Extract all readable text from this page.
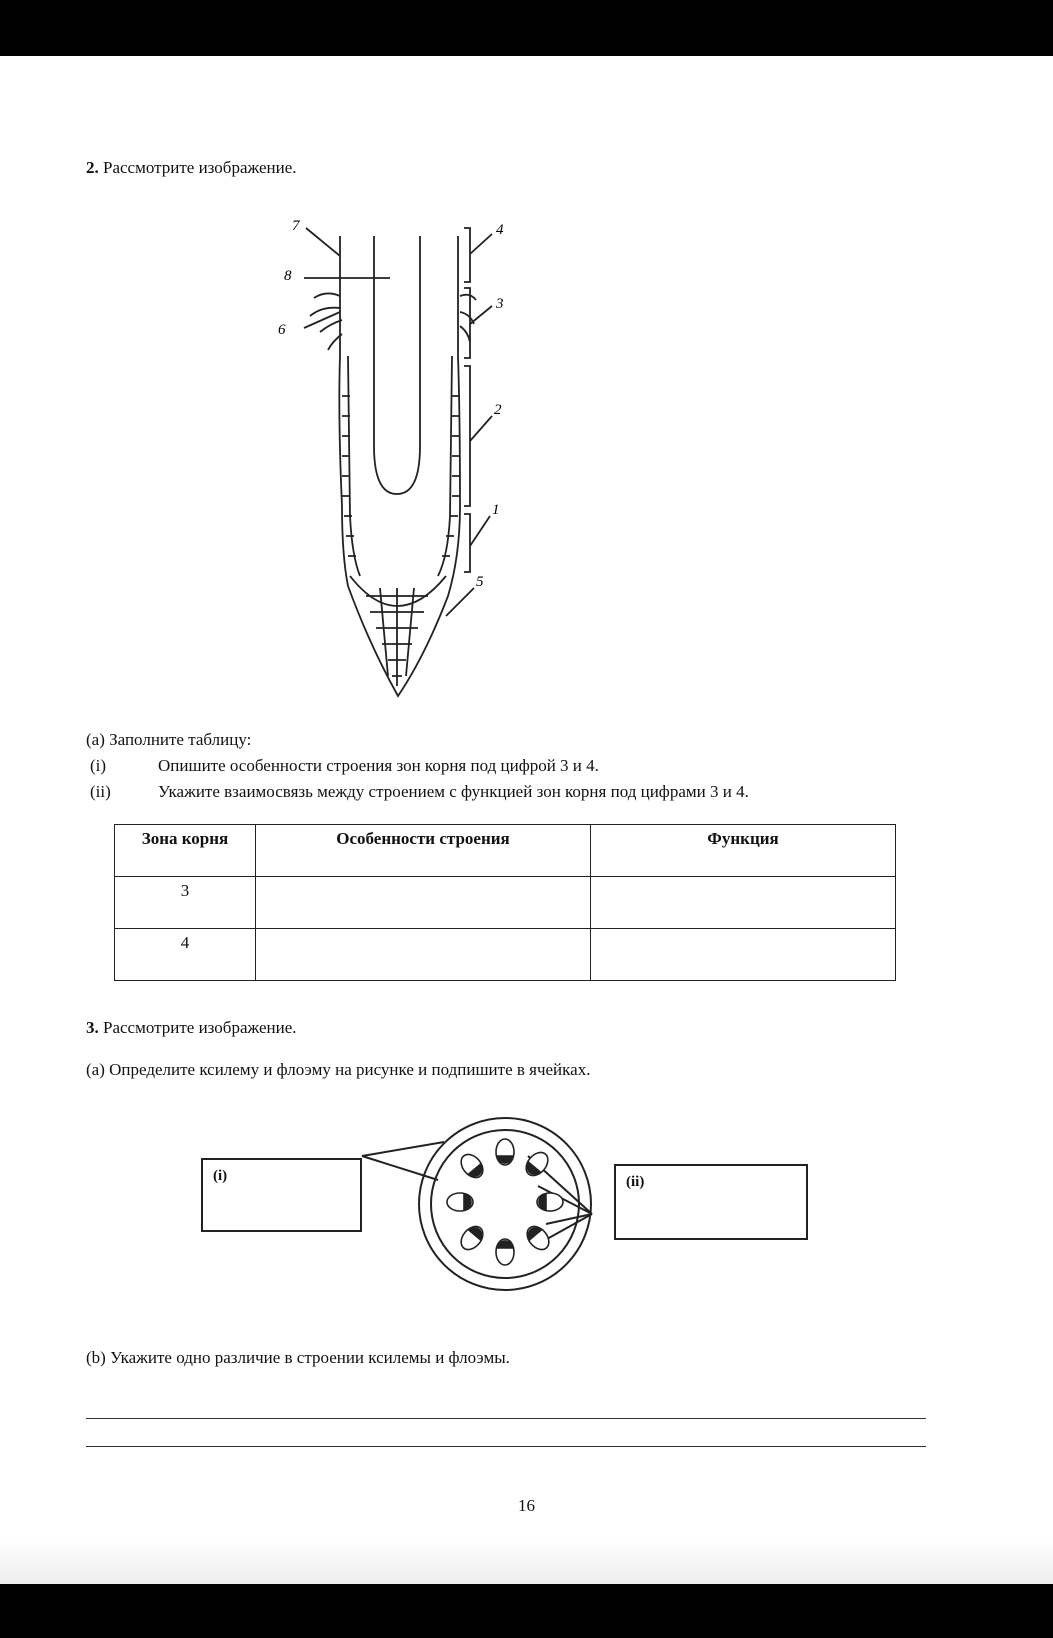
2. Рассмотрите изображение.
7
8
6
4
3
2
1
5
(a) Заполните таблицу:
(i)	Опишите особенности строения зон корня под цифрой 3 и 4.
(ii)	Укажите взаимосвязь между строением с функцией зон корня под цифрами 3 и 4.
Зона корня	Особенности строения	Функция
3		
4		
3. Рассмотрите изображение.
(a) Определите ксилему и флоэму на рисунке и подпишите в ячейках.
(i)	(ii)
(b) Укажите одно различие в строении ксилемы и флоэмы.
16
